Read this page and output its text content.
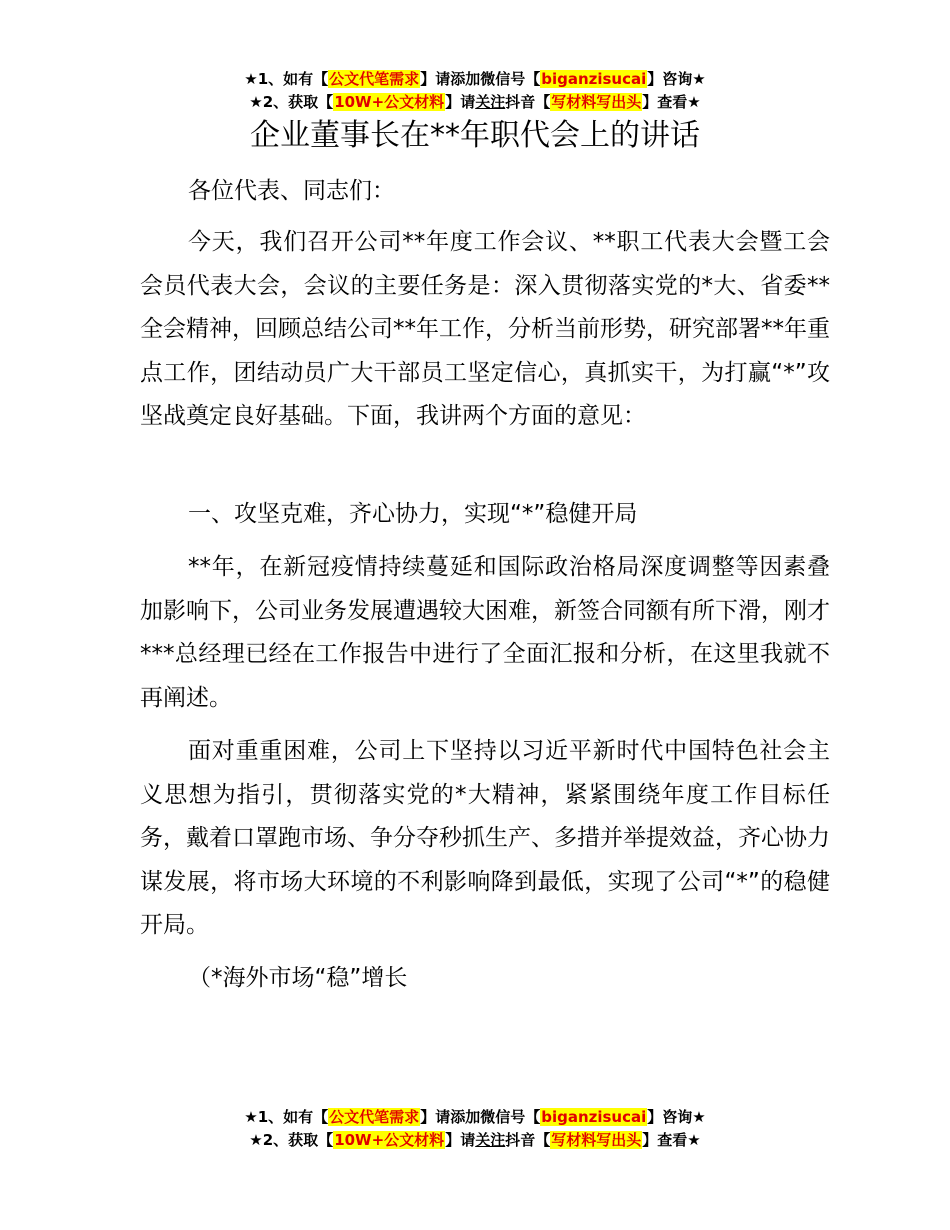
★1、如有【公文代笔需求】请添加微信号【biganzisucai】咨询★
★2、获取【10W+公文材料】请关注抖音【写材料写出头】查看★
企业董事长在**年职代会上的讲话

各位代表、同志们：

今天，我们召开公司**年度工作会议、**职工代表大会暨工会会员代表大会，会议的主要任务是：深入贯彻落实党的*大、省委**全会精神，回顾总结公司**年工作，分析当前形势，研究部署**年重点工作，团结动员广大干部员工坚定信心，真抓实干，为打赢“*”攻坚战奠定良好基础。下面，我讲两个方面的意见：

一、攻坚克难，齐心协力，实现“*”稳健开局

**年，在新冠疫情持续蔓延和国际政治格局深度调整等因素叠加影响下，公司业务发展遭遇较大困难，新签合同额有所下滑，刚才***总经理已经在工作报告中进行了全面汇报和分析，在这里我就不再阐述。

面对重重困难，公司上下坚持以习近平新时代中国特色社会主义思想为指引，贯彻落实党的*大精神，紧紧围绕年度工作目标任务，戴着口罩跑市场、争分夺秒抓生产、多措并举提效益，齐心协力谋发展，将市场大环境的不利影响降到最低，实现了公司“*”的稳健开局。

（*海外市场“稳”增长

★1、如有【公文代笔需求】请添加微信号【biganzisucai】咨询★
★2、获取【10W+公文材料】请关注抖音【写材料写出头】查看★
